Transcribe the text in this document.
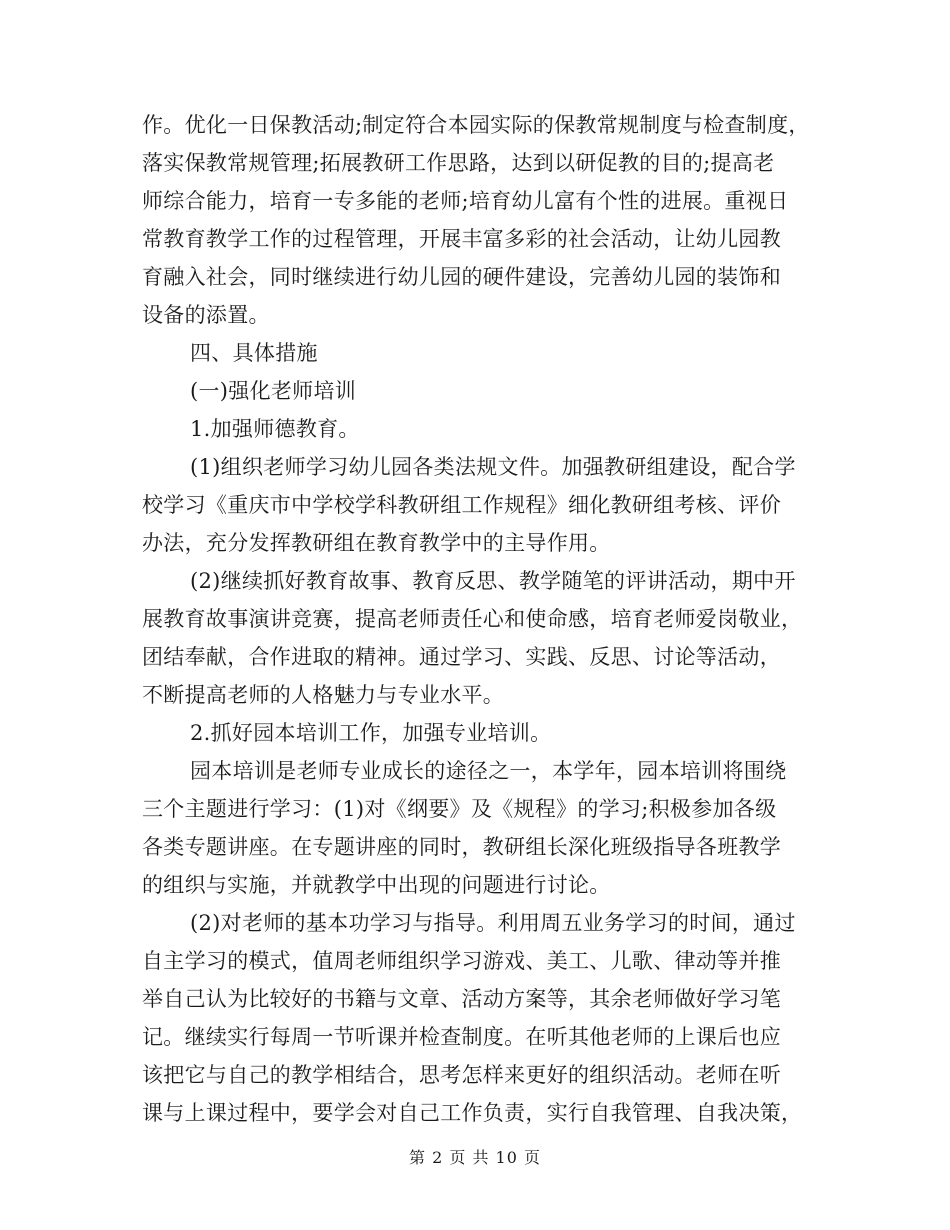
作。优化一日保教活动;制定符合本园实际的保教常规制度与检查制度，
落实保教常规管理;拓展教研工作思路，达到以研促教的目的;提高老
师综合能力，培育一专多能的老师;培育幼儿富有个性的进展。重视日
常教育教学工作的过程管理，开展丰富多彩的社会活动，让幼儿园教
育融入社会，同时继续进行幼儿园的硬件建设，完善幼儿园的装饰和
设备的添置。
四、具体措施
(一)强化老师培训
1.加强师德教育。
(1)组织老师学习幼儿园各类法规文件。加强教研组建设，配合学
校学习《重庆市中学校学科教研组工作规程》细化教研组考核、评价
办法，充分发挥教研组在教育教学中的主导作用。
(2)继续抓好教育故事、教育反思、教学随笔的评讲活动，期中开
展教育故事演讲竞赛，提高老师责任心和使命感，培育老师爱岗敬业，
团结奉献，合作进取的精神。通过学习、实践、反思、讨论等活动，
不断提高老师的人格魅力与专业水平。
2.抓好园本培训工作，加强专业培训。
园本培训是老师专业成长的途径之一，本学年，园本培训将围绕
三个主题进行学习：(1)对《纲要》及《规程》的学习;积极参加各级
各类专题讲座。在专题讲座的同时，教研组长深化班级指导各班教学
的组织与实施，并就教学中出现的问题进行讨论。
(2)对老师的基本功学习与指导。利用周五业务学习的时间，通过
自主学习的模式，值周老师组织学习游戏、美工、儿歌、律动等并推
举自己认为比较好的书籍与文章、活动方案等，其余老师做好学习笔
记。继续实行每周一节听课并检查制度。在听其他老师的上课后也应
该把它与自己的教学相结合，思考怎样来更好的组织活动。老师在听
课与上课过程中，要学会对自己工作负责，实行自我管理、自我决策，
第 2 页 共 10 页
